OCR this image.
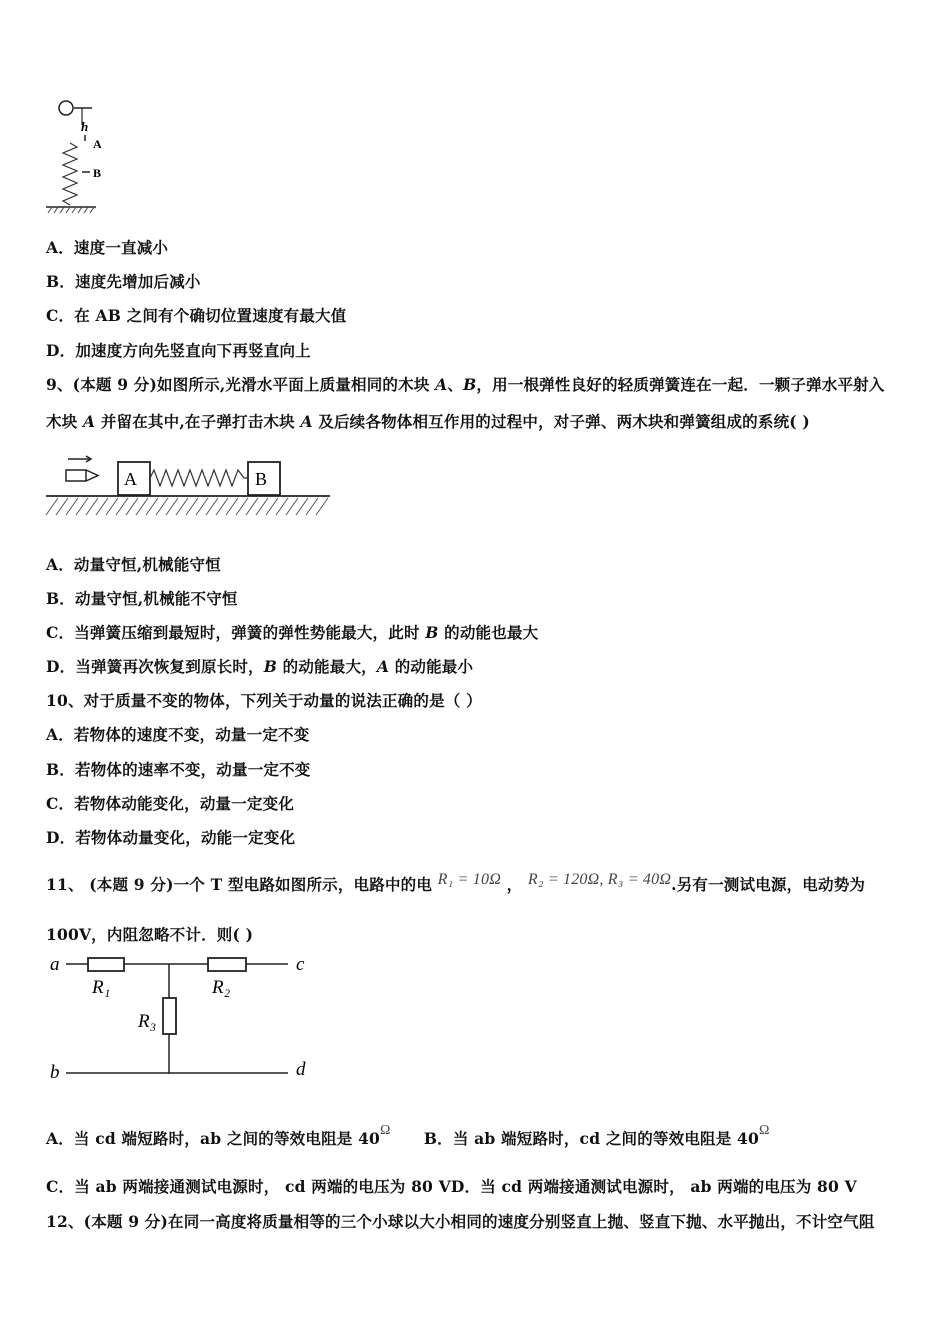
h
A
B
A．速度一直减小
B．速度先增加后减小
C．在 AB 之间有个确切位置速度有最大值
D．加速度方向先竖直向下再竖直向上
9、(本题 9 分)如图所示,光滑水平面上质量相同的木块 A、B，用一根弹性良好的轻质弹簧连在一起．一颗子弹水平射入
木块 A 并留在其中,在子弹打击木块 A 及后续各物体相互作用的过程中，对子弹、两木块和弹簧组成的系统( )
A	B
A．动量守恒,机械能守恒
B．动量守恒,机械能不守恒
C．当弹簧压缩到最短时，弹簧的弹性势能最大，此时 B 的动能也最大
D．当弹簧再次恢复到原长时，B 的动能最大，A 的动能最小
10、对于质量不变的物体，下列关于动量的说法正确的是（ ）
A．若物体的速度不变，动量一定不变
B．若物体的速率不变，动量一定不变
C．若物体动能变化，动量一定变化
D．若物体动量变化，动能一定变化
11、 (本题 9 分)一个 T 型电路如图所示，电路中的电 R₁ = 10Ω ， R₂ = 120Ω, R₃ = 40Ω.另有一测试电源，电动势为
100V，内阻忽略不计．则( )
a	c
R₁	R₂
R₃
b	d
A．当 cd 端短路时，ab 之间的等效电阻是 40Ω B．当 ab 端短路时，cd 之间的等效电阻是 40Ω
C．当 ab 两端接通测试电源时， cd 两端的电压为 80 VD．当 cd 两端接通测试电源时， ab 两端的电压为 80 V
12、(本题 9 分)在同一高度将质量相等的三个小球以大小相同的速度分别竖直上抛、竖直下抛、水平抛出，不计空气阻
